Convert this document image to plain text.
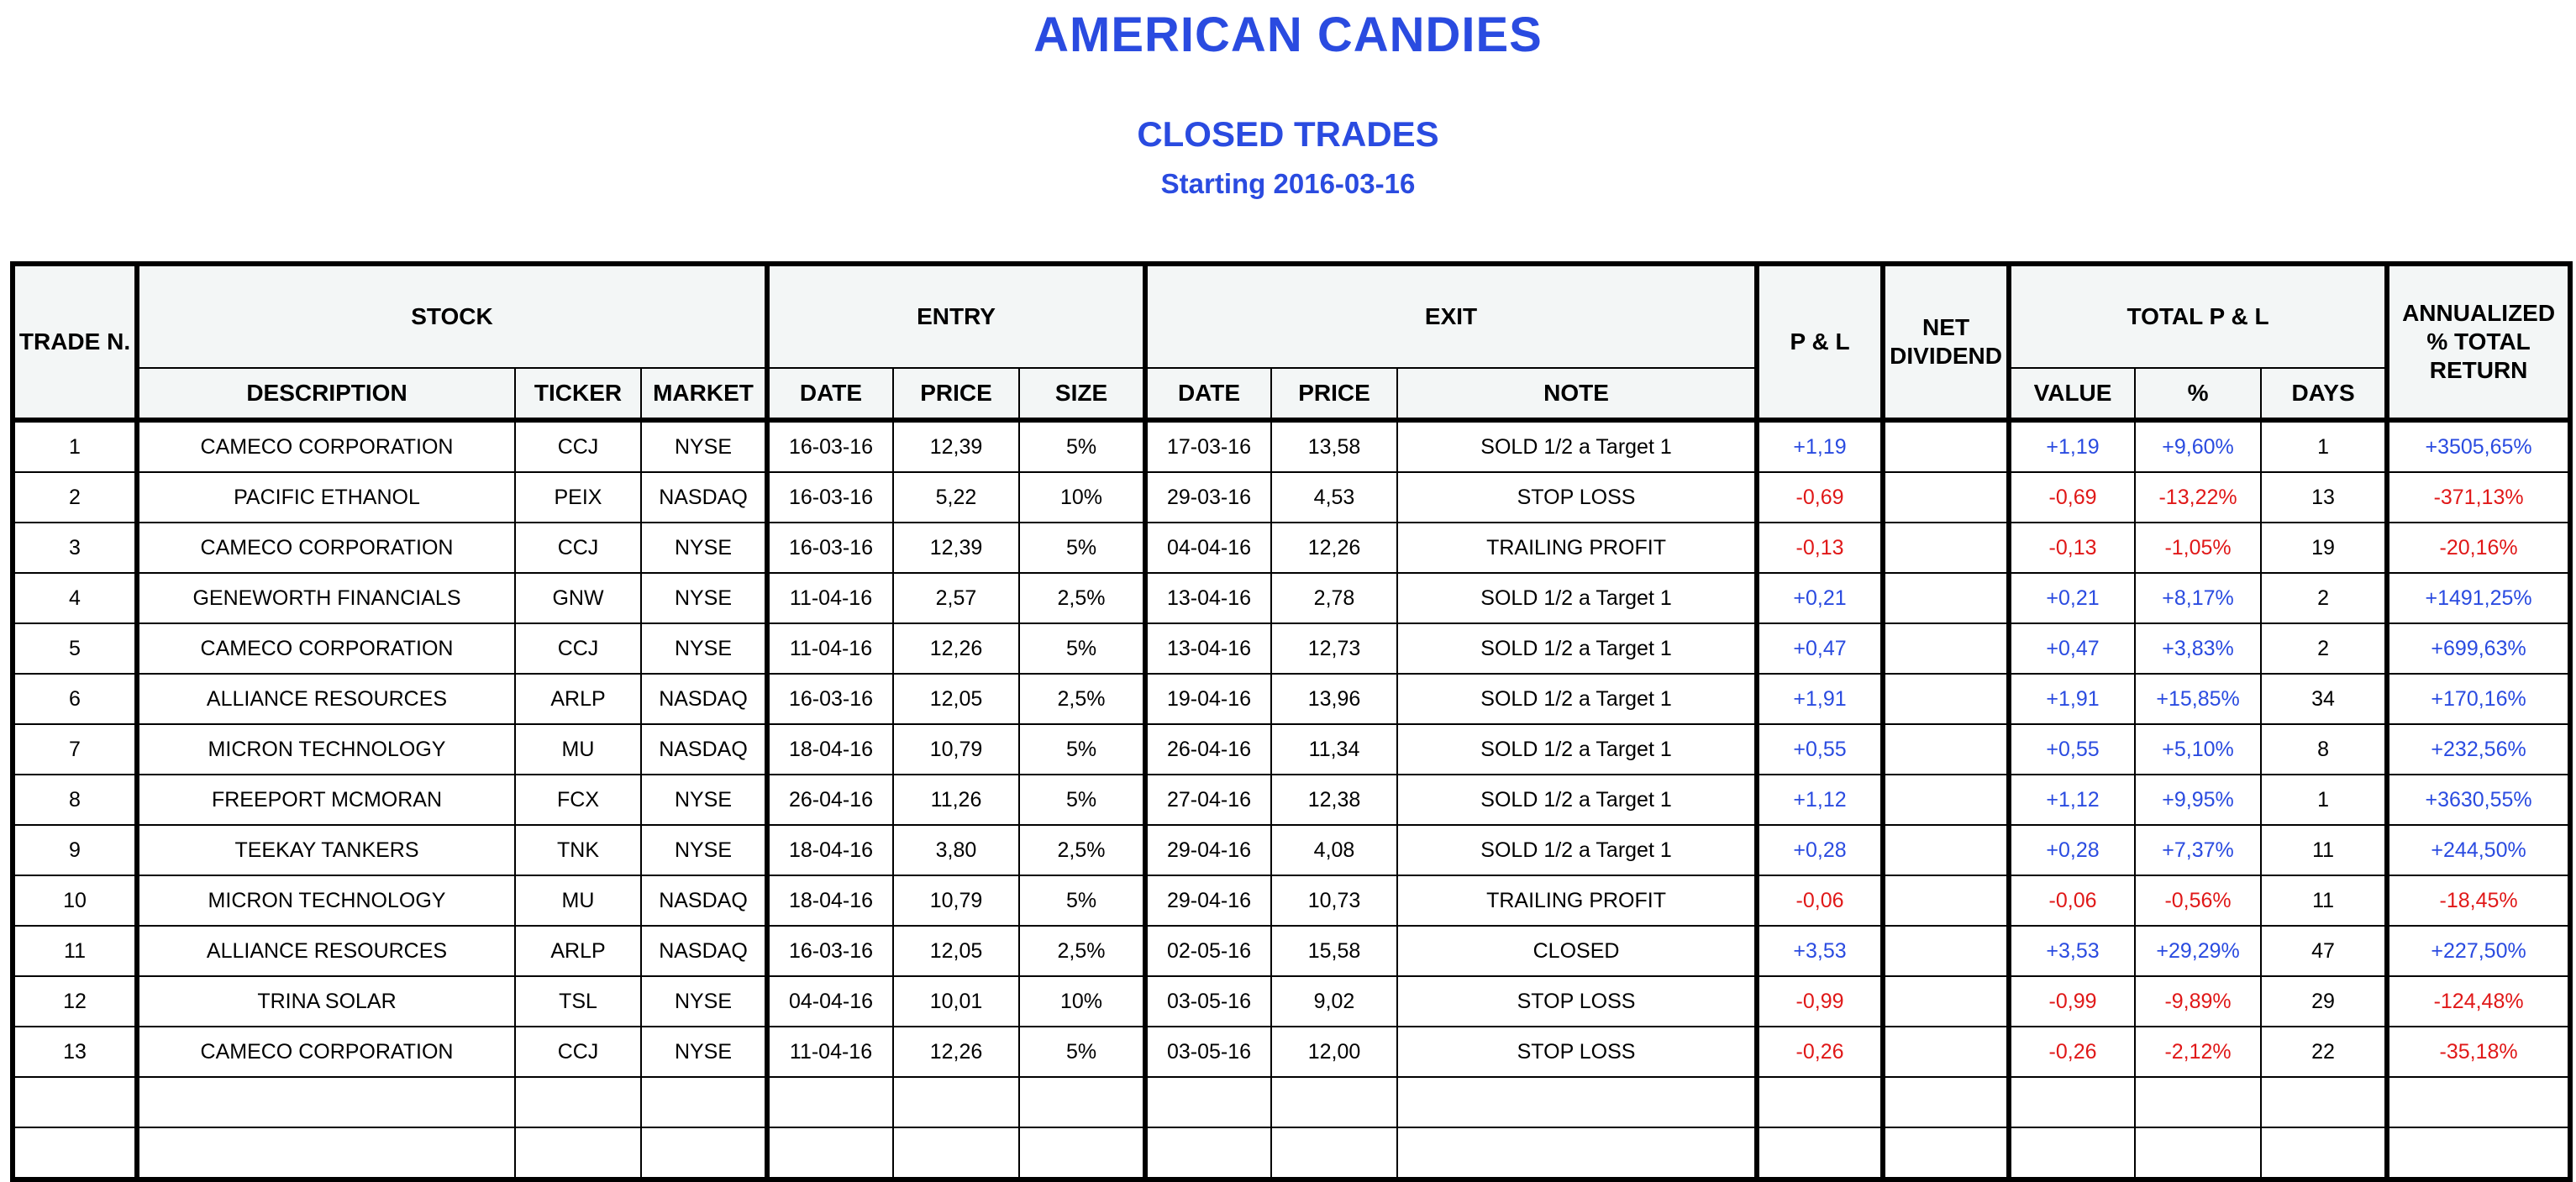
AMERICAN CANDIES
CLOSED TRADES
Starting 2016-03-16
TRADE N.	STOCK			ENTRY			EXIT			P & L	NET DIVIDEND	TOTAL P & L			ANNUALIZED % TOTAL RETURN
	DESCRIPTION	TICKER	MARKET	DATE	PRICE	SIZE	DATE	PRICE	NOTE			VALUE	%	DAYS	
1	CAMECO CORPORATION	CCJ	NYSE	16-03-16	12,39	5%	17-03-16	13,58	SOLD 1/2 a Target 1	+1,19		+1,19	+9,60%	1	+3505,65%
2	PACIFIC ETHANOL	PEIX	NASDAQ	16-03-16	5,22	10%	29-03-16	4,53	STOP LOSS	-0,69		-0,69	-13,22%	13	-371,13%
3	CAMECO CORPORATION	CCJ	NYSE	16-03-16	12,39	5%	04-04-16	12,26	TRAILING PROFIT	-0,13		-0,13	-1,05%	19	-20,16%
4	GENEWORTH FINANCIALS	GNW	NYSE	11-04-16	2,57	2,5%	13-04-16	2,78	SOLD 1/2 a Target 1	+0,21		+0,21	+8,17%	2	+1491,25%
5	CAMECO CORPORATION	CCJ	NYSE	11-04-16	12,26	5%	13-04-16	12,73	SOLD 1/2 a Target 1	+0,47		+0,47	+3,83%	2	+699,63%
6	ALLIANCE RESOURCES	ARLP	NASDAQ	16-03-16	12,05	2,5%	19-04-16	13,96	SOLD 1/2 a Target 1	+1,91		+1,91	+15,85%	34	+170,16%
7	MICRON TECHNOLOGY	MU	NASDAQ	18-04-16	10,79	5%	26-04-16	11,34	SOLD 1/2 a Target 1	+0,55		+0,55	+5,10%	8	+232,56%
8	FREEPORT MCMORAN	FCX	NYSE	26-04-16	11,26	5%	27-04-16	12,38	SOLD 1/2 a Target 1	+1,12		+1,12	+9,95%	1	+3630,55%
9	TEEKAY TANKERS	TNK	NYSE	18-04-16	3,80	2,5%	29-04-16	4,08	SOLD 1/2 a Target 1	+0,28		+0,28	+7,37%	11	+244,50%
10	MICRON TECHNOLOGY	MU	NASDAQ	18-04-16	10,79	5%	29-04-16	10,73	TRAILING PROFIT	-0,06		-0,06	-0,56%	11	-18,45%
11	ALLIANCE RESOURCES	ARLP	NASDAQ	16-03-16	12,05	2,5%	02-05-16	15,58	CLOSED	+3,53		+3,53	+29,29%	47	+227,50%
12	TRINA SOLAR	TSL	NYSE	04-04-16	10,01	10%	03-05-16	9,02	STOP LOSS	-0,99		-0,99	-9,89%	29	-124,48%
13	CAMECO CORPORATION	CCJ	NYSE	11-04-16	12,26	5%	03-05-16	12,00	STOP LOSS	-0,26		-0,26	-2,12%	22	-35,18%
